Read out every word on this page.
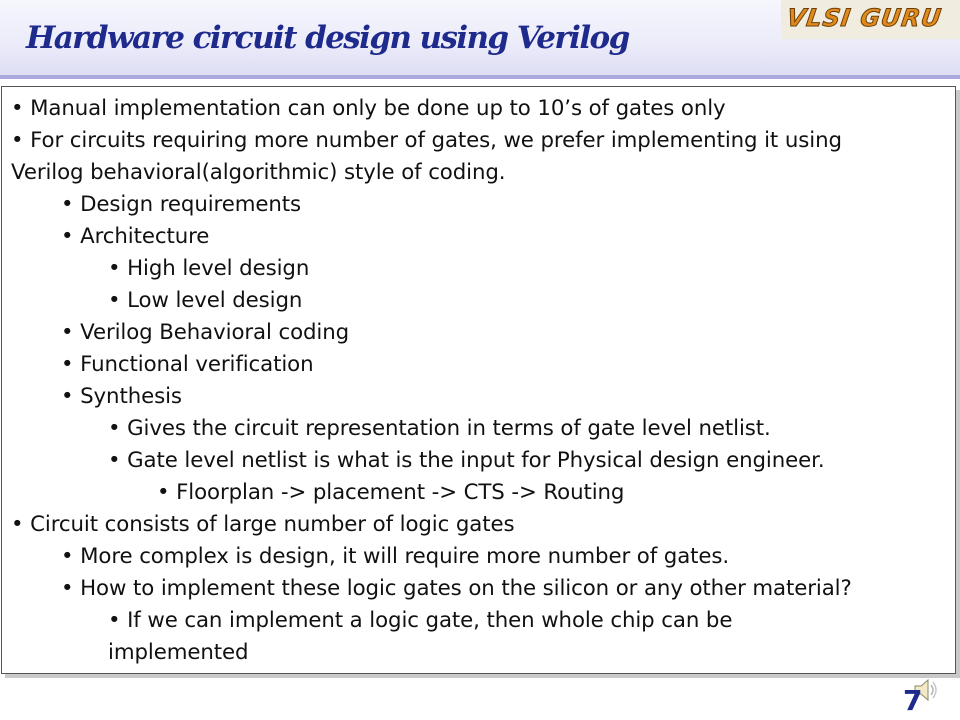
Hardware circuit design using Verilog
VLSI GURU
• Manual implementation can only be done up to 10’s of gates only
• For circuits requiring more number of gates, we prefer implementing it using
Verilog behavioral(algorithmic) style of coding.
• Design requirements
• Architecture
• High level design
• Low level design
• Verilog Behavioral coding
• Functional verification
• Synthesis
• Gives the circuit representation in terms of gate level netlist.
• Gate level netlist is what is the input for Physical design engineer.
• Floorplan -> placement -> CTS -> Routing
• Circuit consists of large number of logic gates
• More complex is design, it will require more number of gates.
• How to implement these logic gates on the silicon or any other material?
• If we can implement a logic gate, then whole chip can be
implemented
7
